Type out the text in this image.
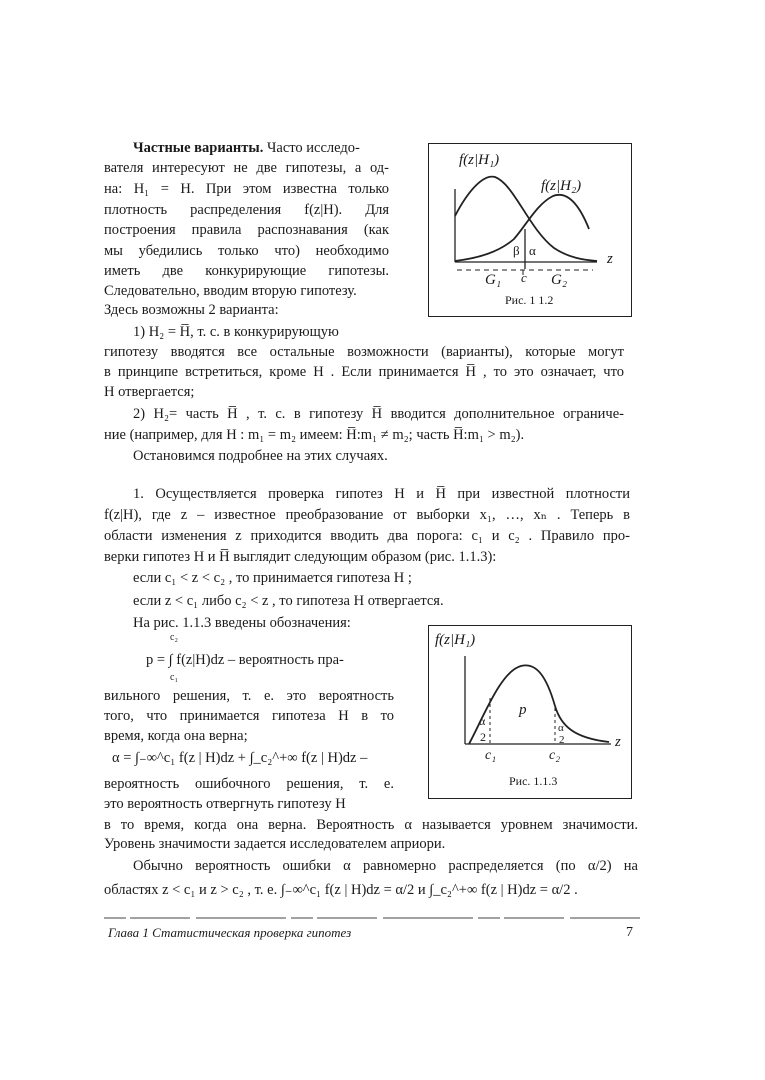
Частные варианты. Часто исследо-
вателя интересуют не две гипотезы, а од-
на: H₁ = H. При этом известна только
плотность распределения f(z|H). Для
построения правила распознавания (как
мы убедились только что) необходимо
иметь две конкурирующие гипотезы.
Следовательно, вводим вторую гипотезу.
Здесь возможны 2 варианта:
f(z|H₁)
f(z|H₂)
β α
z
G₁ c G₂
Рис. 1 1.2
1) H₂ = H̅, т. с. в конкурирующую
гипотезу вводятся все остальные возможности (варианты), которые могут
в принципе встретиться, кроме H . Если принимается H̅ , то это означает, что
H отвергается;
2) H₂= часть H̅ , т. с. в гипотезу H̅ вводится дополнительное ограниче-
ние (например, для H : m₁ = m₂ имеем: H̅:m₁ ≠ m₂; часть H̅:m₁ > m₂).
Остановимся подробнее на этих случаях.
1. Осуществляется проверка гипотез H и H̅ при известной плотности
f(z|H), где z – известное преобразование от выборки x₁, …, xₙ . Теперь в
области изменения z приходится вводить два порога: c₁ и c₂ . Правило про-
верки гипотез H и H̅ выглядит следующим образом (рис. 1.1.3):
если c₁ < z < c₂ , то принимается гипотеза H ;
если z < c₁ либо c₂ < z , то гипотеза H отвергается.
На рис. 1.1.3 введены обозначения:
c₂
p = ∫ f(z|H)dz – вероятность пра-
c₁
вильного решения, т. е. это вероятность
того, что принимается гипотеза H в то
время, когда она верна;
α = ∫₋∞^c₁ f(z | H)dz + ∫_c₂^+∞ f(z | H)dz –
вероятность ошибочного решения, т. е.
это вероятность отвергнуть гипотезу H
f(z|H₁)
p
α
2
α
2	z
c₁	c₂
Рис. 1.1.3
в то время, когда она верна. Вероятность α называется уровнем значимости.
Уровень значимости задается исследователем априори.
Обычно вероятность ошибки α равномерно распределяется (по α/2) на
областях z < c₁ и z > c₂ , т. е. ∫₋∞^c₁ f(z | H)dz = α/2 и ∫_c₂^+∞ f(z | H)dz = α/2 .
Глава 1 Статистическая проверка гипотез	7
